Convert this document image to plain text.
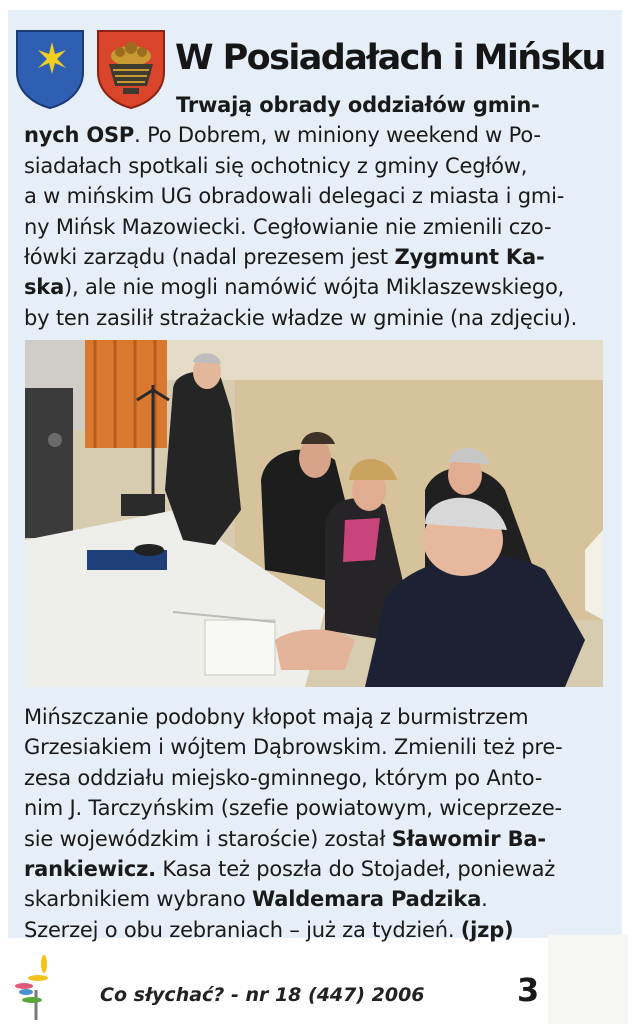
W Posiadałach i Mińsku
Trwają obrady oddziałów gmin-
nych OSP. Po Dobrem, w miniony weekend w Po-
siadałach spotkali się ochotnicy z gminy Cegłów,
a w mińskim UG obradowali delegaci z miasta i gmi-
ny Mińsk Mazowiecki. Cegłowianie nie zmienili czo-
łówki zarządu (nadal prezesem jest Zygmunt Ka-
ska), ale nie mogli namówić wójta Miklaszewskiego,
by ten zasilił strażackie władze w gminie (na zdjęciu).
Mińszczanie podobny kłopot mają z burmistrzem
Grzesiakiem i wójtem Dąbrowskim. Zmienili też pre-
zesa oddziału miejsko-gminnego, którym po Anto-
nim J. Tarczyńskim (szefie powiatowym, wiceprzeze-
sie wojewódzkim i staroście) został Sławomir Ba-
rankiewicz. Kasa też poszła do Stojadeł, ponieważ
skarbnikiem wybrano Waldemara Padzika.
Szerzej o obu zebraniach – już za tydzień. (jzp)
Co słychać? - nr 18 (447) 2006	3
